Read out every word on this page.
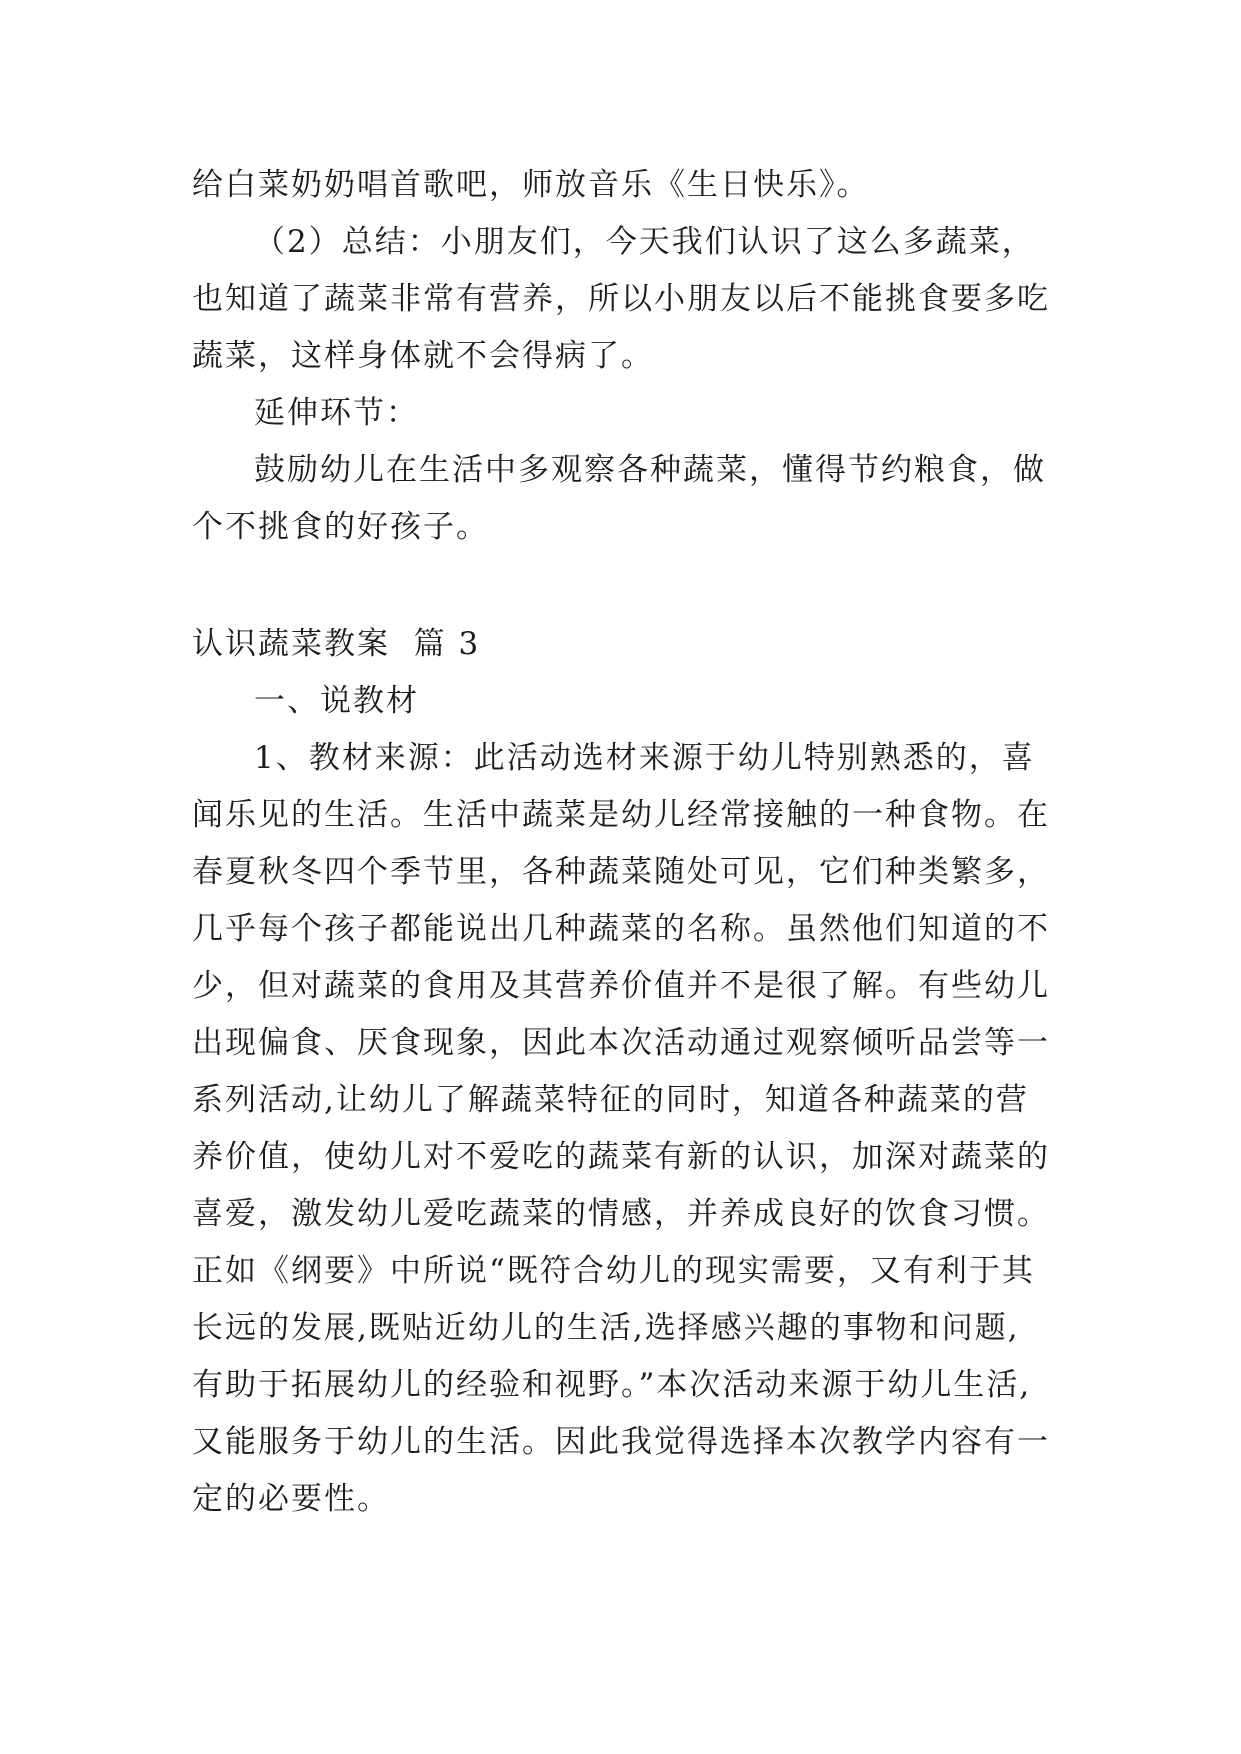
给白菜奶奶唱首歌吧，师放音乐《生日快乐》。
（2）总结：小朋友们，今天我们认识了这么多蔬菜，
也知道了蔬菜非常有营养，所以小朋友以后不能挑食要多吃
蔬菜，这样身体就不会得病了。
延伸环节：
鼓励幼儿在生活中多观察各种蔬菜，懂得节约粮食，做
个不挑食的好孩子。
认识蔬菜教案  篇 3
一、说教材
1、教材来源：此活动选材来源于幼儿特别熟悉的，喜
闻乐见的生活。生活中蔬菜是幼儿经常接触的一种食物。在
春夏秋冬四个季节里，各种蔬菜随处可见，它们种类繁多，
几乎每个孩子都能说出几种蔬菜的名称。虽然他们知道的不
少，但对蔬菜的食用及其营养价值并不是很了解。有些幼儿
出现偏食、厌食现象，因此本次活动通过观察倾听品尝等一
系列活动,让幼儿了解蔬菜特征的同时，知道各种蔬菜的营
养价值，使幼儿对不爱吃的蔬菜有新的认识，加深对蔬菜的
喜爱，激发幼儿爱吃蔬菜的情感，并养成良好的饮食习惯。
正如《纲要》中所说“既符合幼儿的现实需要，又有利于其
长远的发展,既贴近幼儿的生活,选择感兴趣的事物和问题,
有助于拓展幼儿的经验和视野。”本次活动来源于幼儿生活,
又能服务于幼儿的生活。因此我觉得选择本次教学内容有一
定的必要性。
